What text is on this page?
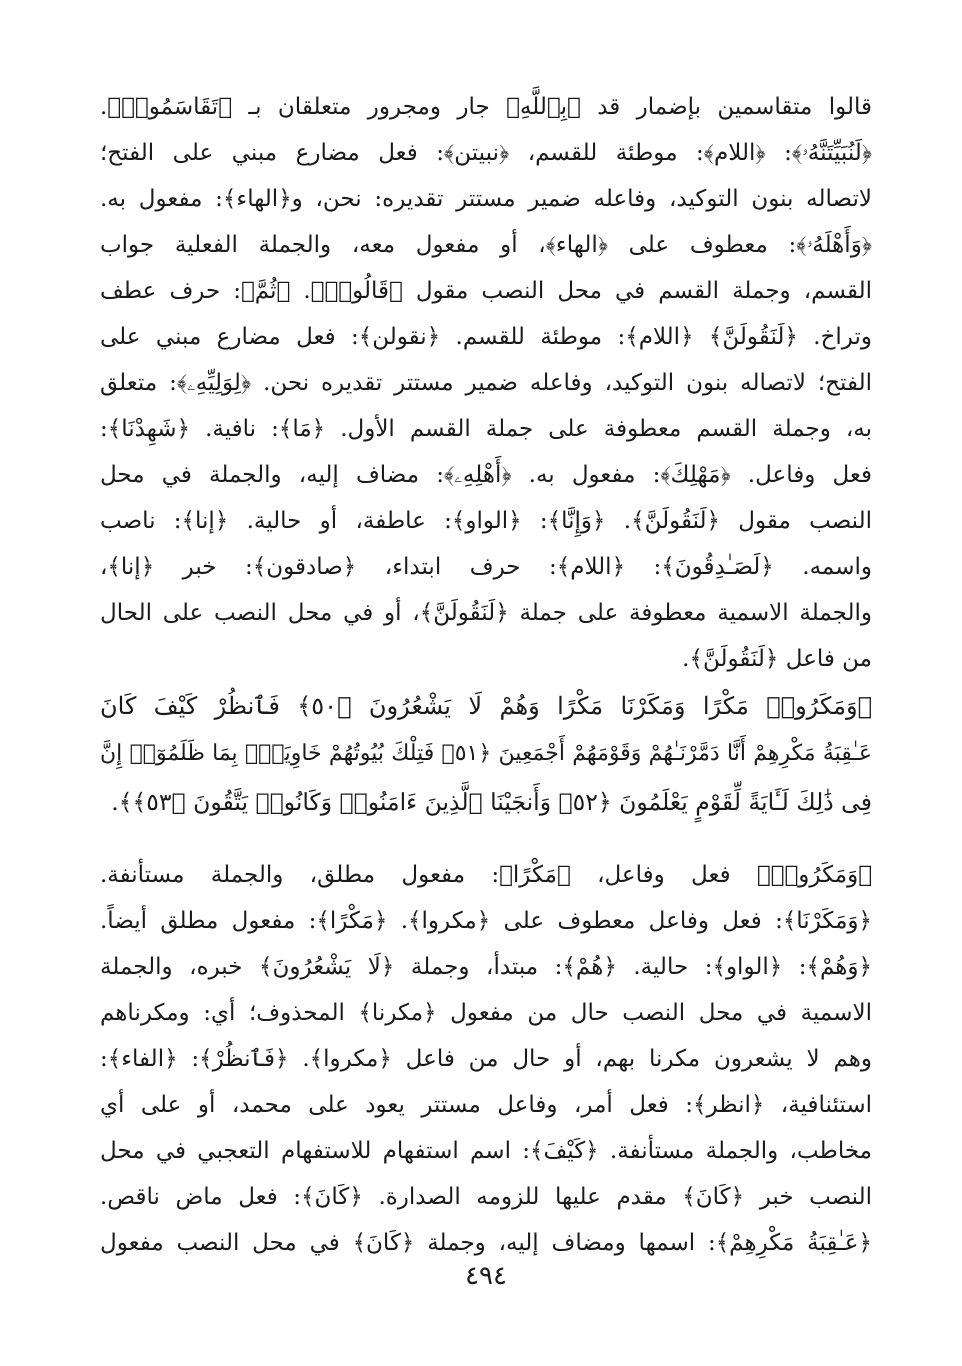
قالوا متقاسمين بإضمار قد ﴿بِٱللَّهِ﴾ جار ومجرور متعلقان بـ ﴿تَقَاسَمُوا۟﴾.
﴿لَنُبَيِّتَنَّهُۥ﴾: ﴿اللام﴾: موطئة للقسم، ﴿نبيتن﴾: فعل مضارع مبني على الفتح؛
لاتصاله بنون التوكيد، وفاعله ضمير مستتر تقديره: نحن، و﴿الهاء﴾: مفعول به.
﴿وَأَهْلَهُۥ﴾: معطوف على ﴿الهاء﴾، أو مفعول معه، والجملة الفعلية جواب
القسم، وجملة القسم في محل النصب مقول ﴿قَالُوا۟﴾. ﴿ثُمَّ﴾: حرف عطف
وتراخ. ﴿لَنَقُولَنَّ﴾ ﴿اللام﴾: موطئة للقسم. ﴿نقولن﴾: فعل مضارع مبني على
الفتح؛ لاتصاله بنون التوكيد، وفاعله ضمير مستتر تقديره نحن. ﴿لِوَلِيِّهِۦ﴾: متعلق
به، وجملة القسم معطوفة على جملة القسم الأول. ﴿مَا﴾: نافية. ﴿شَهِدْنَا﴾:
فعل وفاعل. ﴿مَهْلِكَ﴾: مفعول به. ﴿أَهْلِهِۦ﴾: مضاف إليه، والجملة في محل
النصب مقول ﴿لَنَقُولَنَّ﴾. ﴿وَإِنَّا﴾: ﴿الواو﴾: عاطفة، أو حالية. ﴿إنا﴾: ناصب
واسمه. ﴿لَصَـٰدِقُونَ﴾: ﴿اللام﴾: حرف ابتداء، ﴿صادقون﴾: خبر ﴿إنا﴾،
والجملة الاسمية معطوفة على جملة ﴿لَنَقُولَنَّ﴾، أو في محل النصب على الحال
من فاعل ﴿لَنَقُولَنَّ﴾.
﴿وَمَكَرُوا۟ مَكْرًا وَمَكَرْنَا مَكْرًا وَهُمْ لَا يَشْعُرُونَ ﴿٥٠﴾ فَٱنظُرْ كَيْفَ كَانَ
عَـٰقِبَةُ مَكْرِهِمْ أَنَّا دَمَّرْنَـٰهُمْ وَقَوْمَهُمْ أَجْمَعِينَ ﴿٥١﴾ فَتِلْكَ بُيُوتُهُمْ خَاوِيَةًۢ بِمَا ظَلَمُوٓا۟ إِنَّ
فِى ذَٰلِكَ لَـَٔايَةً لِّقَوْمٍ يَعْلَمُونَ ﴿٥٢﴾ وَأَنجَيْنَا ٱلَّذِينَ ءَامَنُوا۟ وَكَانُوا۟ يَتَّقُونَ ﴿٥٣﴾﴾.
﴿وَمَكَرُوا۟﴾ فعل وفاعل، ﴿مَكْرًا﴾: مفعول مطلق، والجملة مستأنفة.
﴿وَمَكَرْنَا﴾: فعل وفاعل معطوف على ﴿مكروا﴾. ﴿مَكْرًا﴾: مفعول مطلق أيضاً.
﴿وَهُمْ﴾: ﴿الواو﴾: حالية. ﴿هُمْ﴾: مبتدأ، وجملة ﴿لَا يَشْعُرُونَ﴾ خبره، والجملة
الاسمية في محل النصب حال من مفعول ﴿مكرنا﴾ المحذوف؛ أي: ومكرناهم
وهم لا يشعرون مكرنا بهم، أو حال من فاعل ﴿مكروا﴾. ﴿فَٱنظُرْ﴾: ﴿الفاء﴾:
استئنافية، ﴿انظر﴾: فعل أمر، وفاعل مستتر يعود على محمد، أو على أي
مخاطب، والجملة مستأنفة. ﴿كَيْفَ﴾: اسم استفهام للاستفهام التعجبي في محل
النصب خبر ﴿كَانَ﴾ مقدم عليها للزومه الصدارة. ﴿كَانَ﴾: فعل ماض ناقص.
﴿عَـٰقِبَةُ مَكْرِهِمْ﴾: اسمها ومضاف إليه، وجملة ﴿كَانَ﴾ في محل النصب مفعول
٤٩٤
